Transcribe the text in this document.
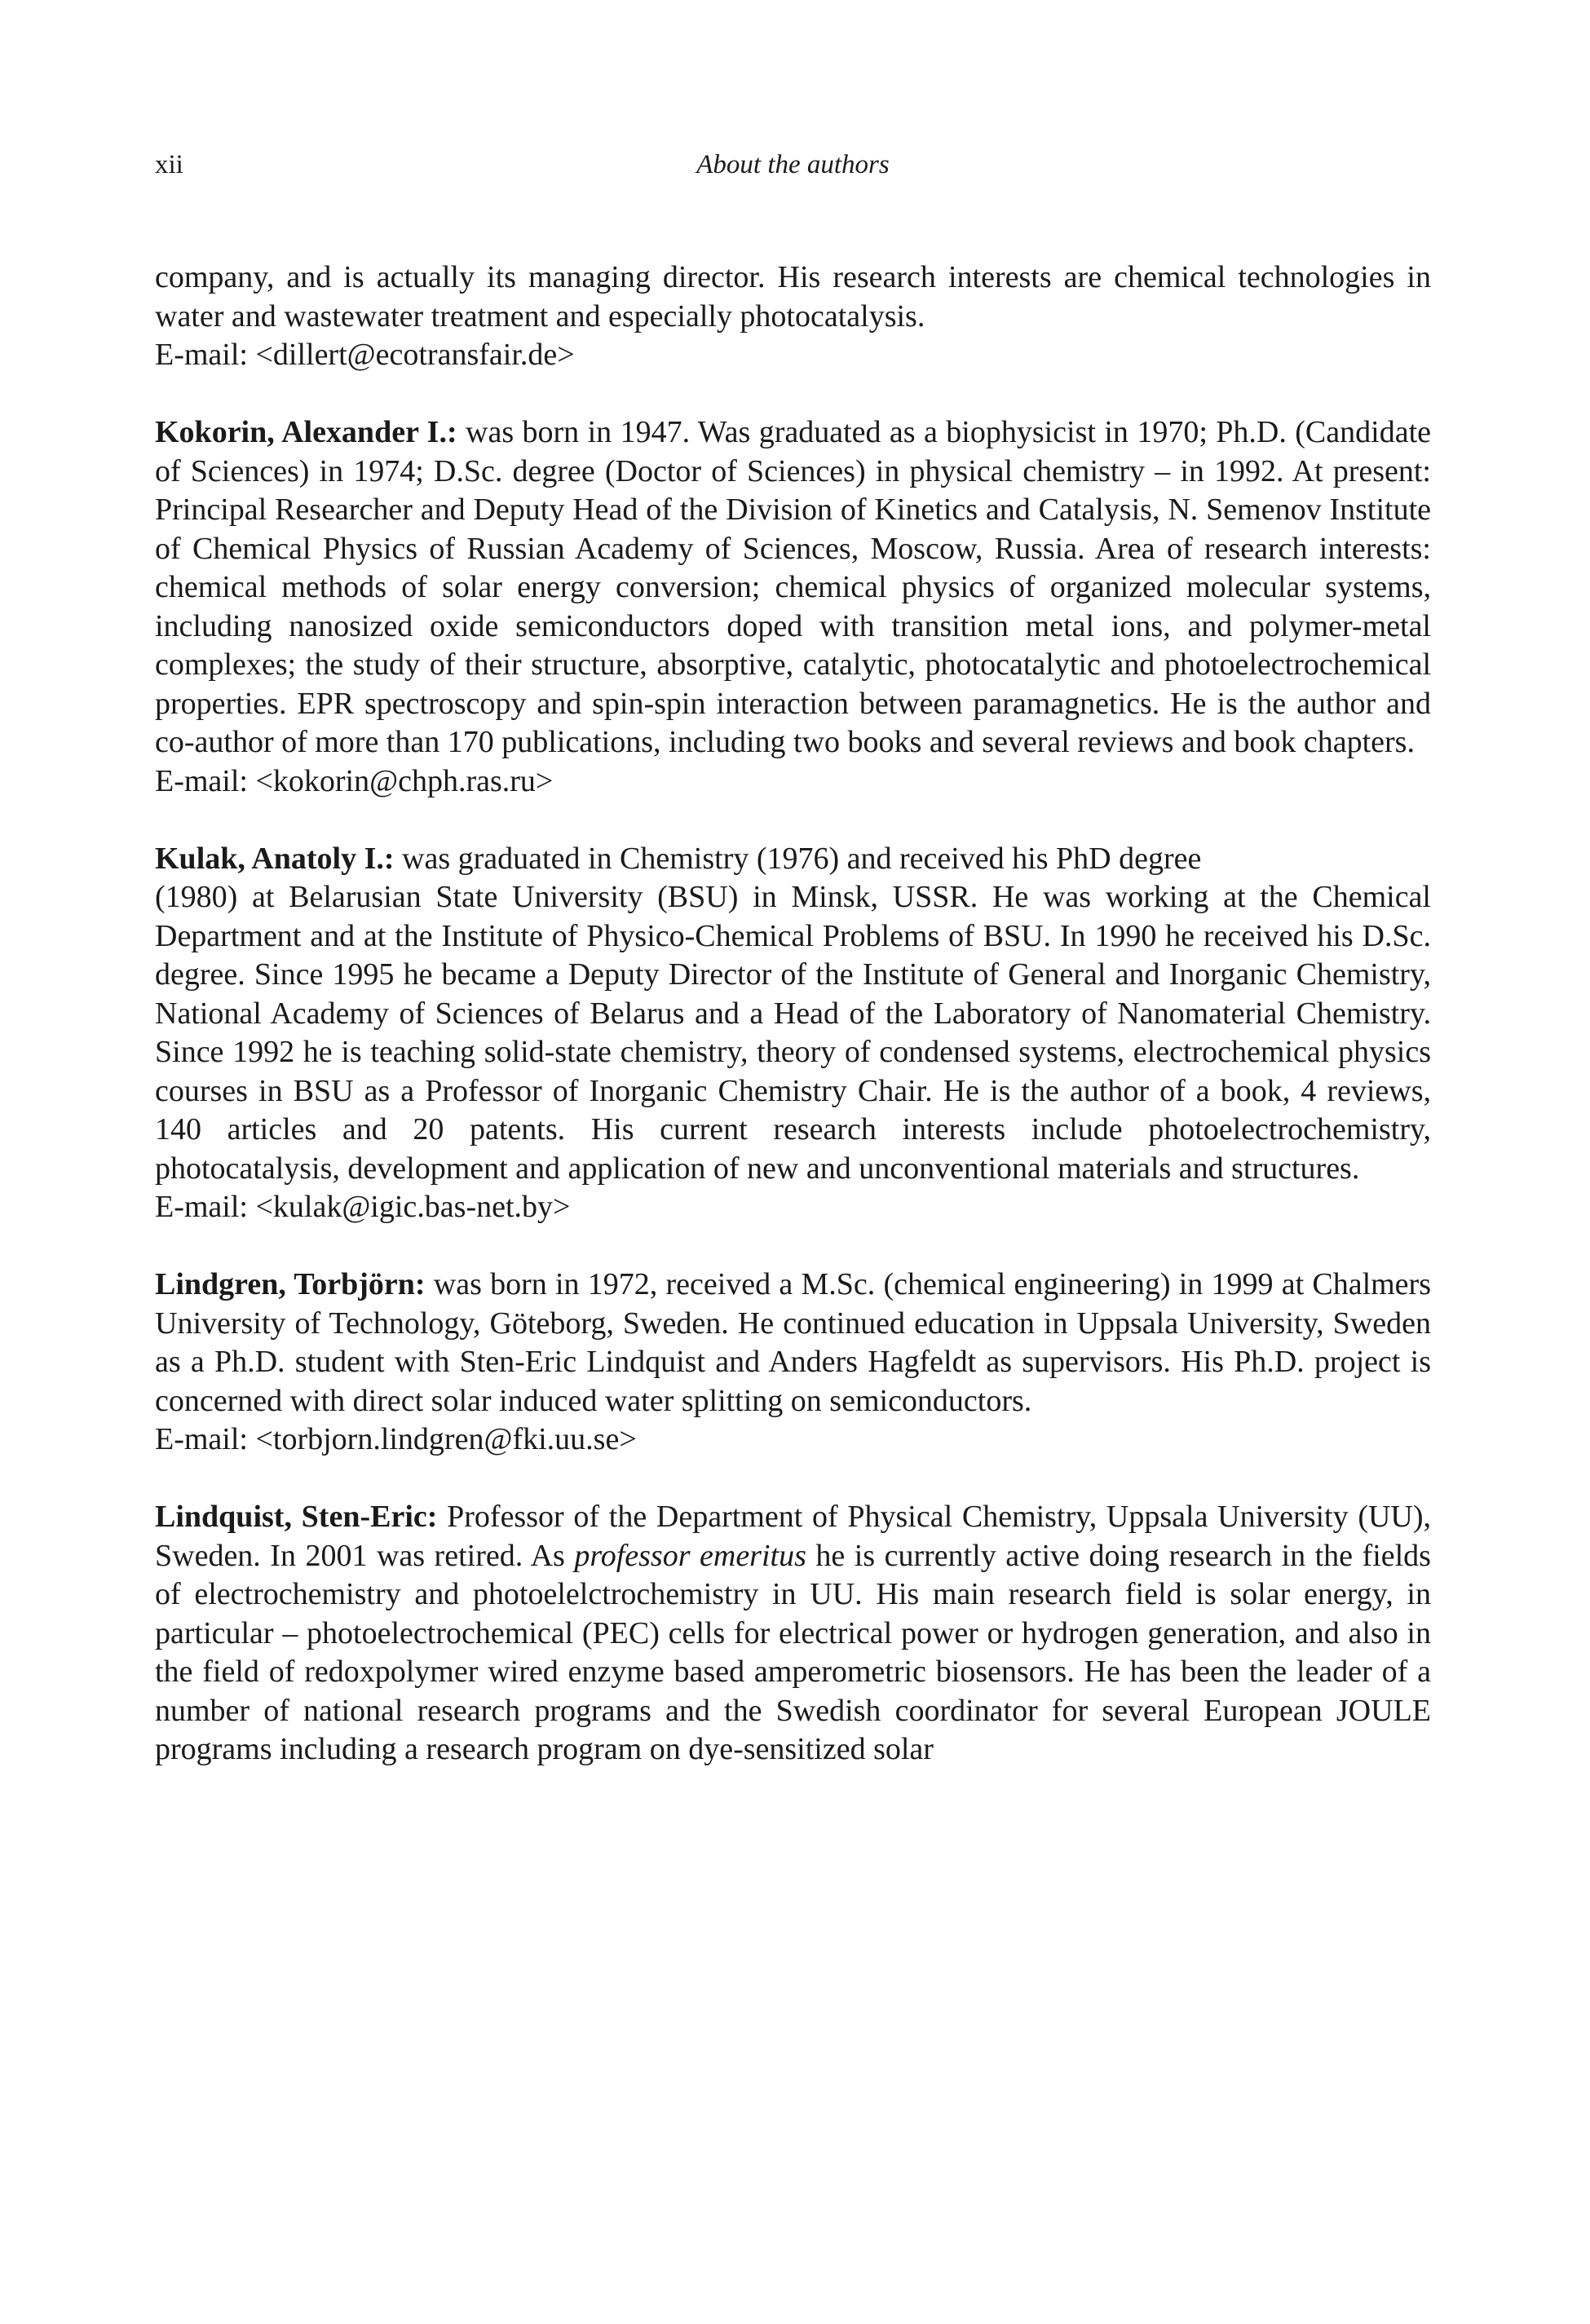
xii	About the authors

company, and is actually its managing director. His research interests are chemical technologies in water and wastewater treatment and especially photocatalysis.

E-mail: <dillert@ecotransfair.de>

Kokorin, Alexander I.: was born in 1947. Was graduated as a biophysicist in 1970; Ph.D. (Candidate of Sciences) in 1974; D.Sc. degree (Doctor of Sciences) in physical chemistry – in 1992. At present: Principal Researcher and Deputy Head of the Division of Kinetics and Catalysis, N. Semenov Institute of Chemical Physics of Russian Academy of Sciences, Moscow, Russia. Area of research interests: chemical methods of solar energy conversion; chemical physics of organized molecular systems, including nanosized oxide semiconductors doped with transition metal ions, and polymer-metal complexes; the study of their structure, absorptive, catalytic, photocatalytic and photoelectrochemical properties. EPR spectroscopy and spin-spin interaction between paramagnetics. He is the author and co-author of more than 170 publications, including two books and several reviews and book chapters.

E-mail: <kokorin@chph.ras.ru>

Kulak, Anatoly I.: was graduated in Chemistry (1976) and received his PhD degree

(1980) at Belarusian State University (BSU) in Minsk, USSR. He was working at the Chemical Department and at the Institute of Physico-Chemical Problems of BSU. In 1990 he received his D.Sc. degree. Since 1995 he became a Deputy Director of the Institute of General and Inorganic Chemistry, National Academy of Sciences of Belarus and a Head of the Laboratory of Nanomaterial Chemistry. Since 1992 he is teaching solid-state chemistry, theory of condensed systems, electrochemical physics courses in BSU as a Professor of Inorganic Chemistry Chair. He is the author of a book, 4 reviews, 140 articles and 20 patents. His current research interests include photoelectrochemistry, photocatalysis, development and application of new and unconventional materials and structures.

E-mail: <kulak@igic.bas-net.by>

Lindgren, Torbjörn: was born in 1972, received a M.Sc. (chemical engineering) in 1999 at Chalmers University of Technology, Göteborg, Sweden. He continued education in Uppsala University, Sweden as a Ph.D. student with Sten-Eric Lindquist and Anders Hagfeldt as supervisors. His Ph.D. project is concerned with direct solar induced water splitting on semiconductors.

E-mail: <torbjorn.lindgren@fki.uu.se>

Lindquist, Sten-Eric: Professor of the Department of Physical Chemistry, Uppsala University (UU), Sweden. In 2001 was retired. As professor emeritus he is currently active doing research in the fields of electrochemistry and photoelelctrochemistry in UU. His main research field is solar energy, in particular – photoelectrochemical (PEC) cells for electrical power or hydrogen generation, and also in the field of redoxpolymer wired enzyme based amperometric biosensors. He has been the leader of a number of national research programs and the Swedish coordinator for several European JOULE programs including a research program on dye-sensitized solar
